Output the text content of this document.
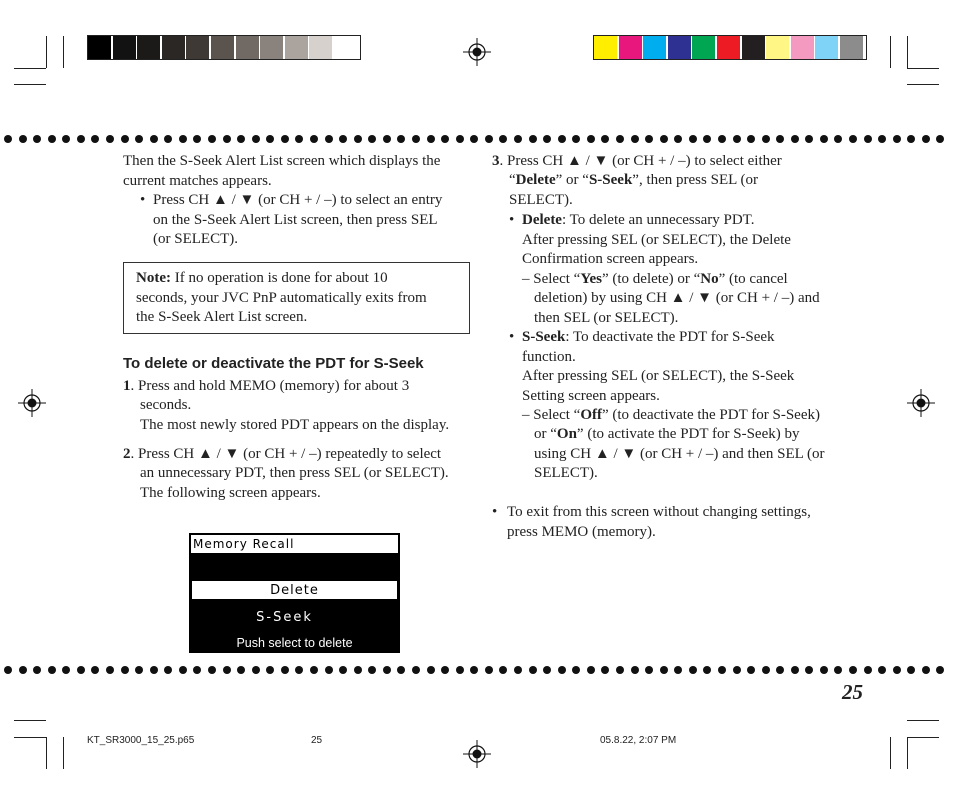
Then the S-Seek Alert List screen which displays the
current matches appears.
• Press CH ▲ / ▼ (or CH + / –) to select an entry
on the S-Seek Alert List screen, then press SEL
(or SELECT).
Note: If no operation is done for about 10
seconds, your JVC PnP automatically exits from
the S-Seek Alert List screen.
To delete or deactivate the PDT for S-Seek
1. Press and hold MEMO (memory) for about 3
seconds.
The most newly stored PDT appears on the display.
2. Press CH ▲ / ▼ (or CH + / –) repeatedly to select
an unnecessary PDT, then press SEL (or SELECT).
The following screen appears.
Memory Recall
Delete
S-Seek
Push select to delete
3. Press CH ▲ / ▼ (or CH + / –) to select either
“Delete” or “S-Seek”, then press SEL (or
SELECT).
• Delete: To delete an unnecessary PDT.
After pressing SEL (or SELECT), the Delete
Confirmation screen appears.
– Select “Yes” (to delete) or “No” (to cancel
deletion) by using CH ▲ / ▼ (or CH + / –) and
then SEL (or SELECT).
• S-Seek: To deactivate the PDT for S-Seek
function.
After pressing SEL (or SELECT), the S-Seek
Setting screen appears.
– Select “Off” (to deactivate the PDT for S-Seek)
or “On” (to activate the PDT for S-Seek) by
using CH ▲ / ▼ (or CH + / –) and then SEL (or
SELECT).
• To exit from this screen without changing settings,
press MEMO (memory).
25
KT_SR3000_15_25.p65	25	05.8.22, 2:07 PM
